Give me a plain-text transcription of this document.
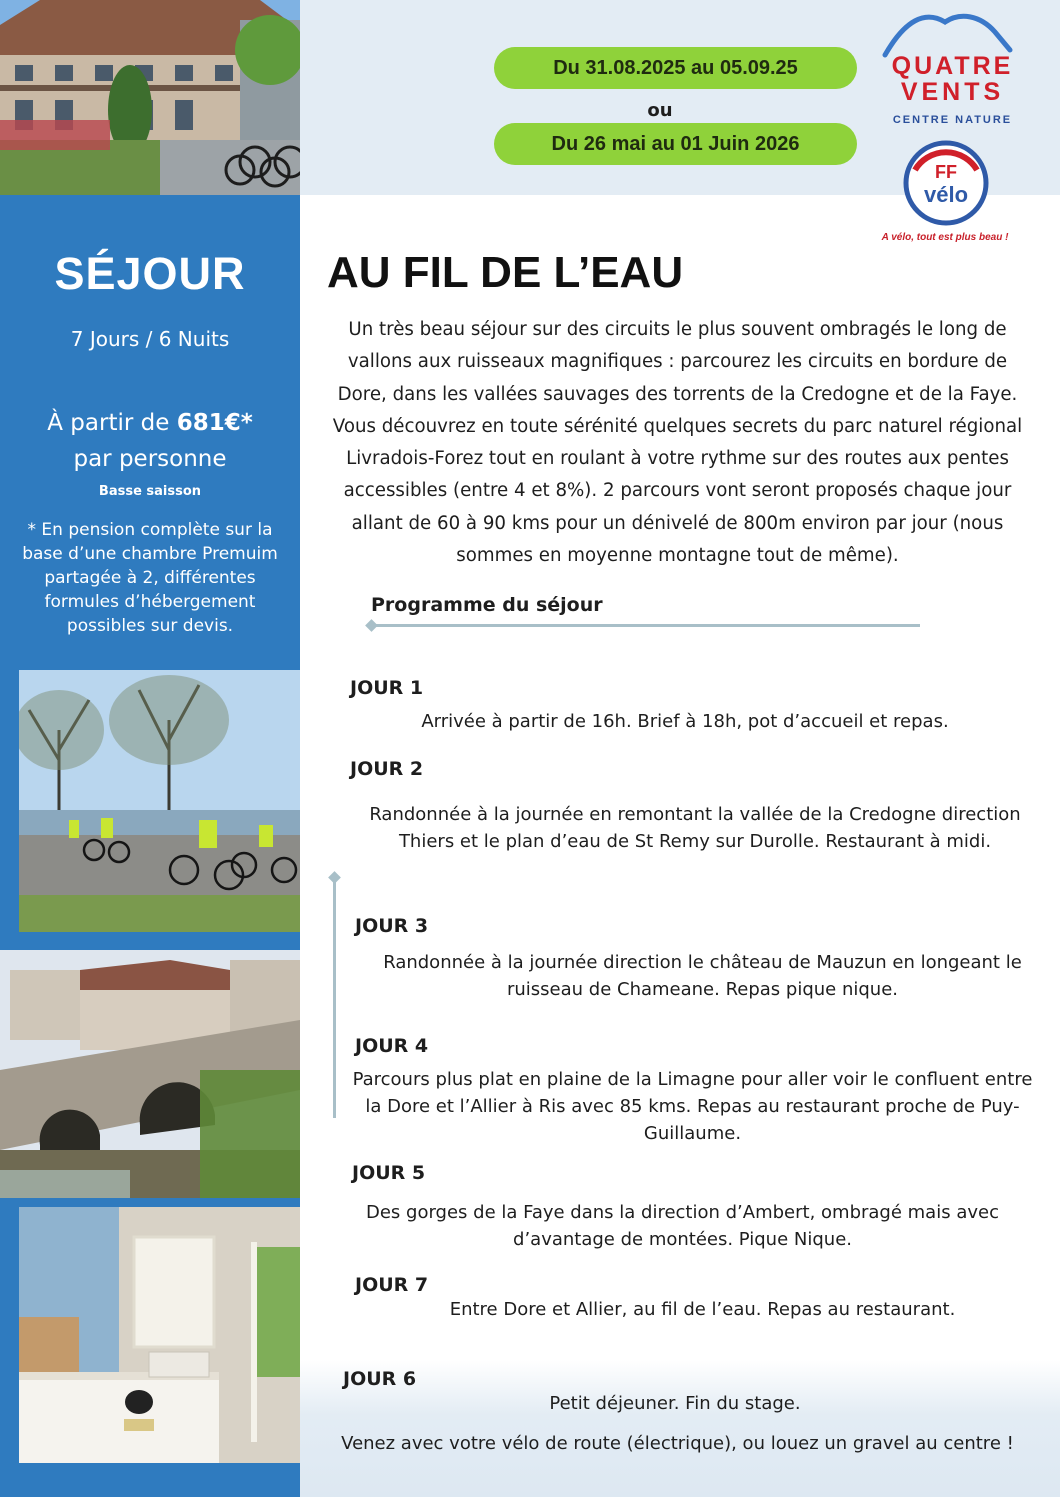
Du 31.08.2025 au 05.09.25
ou
Du 26 mai au 01 Juin 2026
QUATRE
VENTS
CENTRE NATURE
FF
vélo
A vélo, tout est plus beau !
SÉJOUR
7 Jours / 6 Nuits
À partir de 681€*
par personne
Basse saisson
* En pension complète sur la base d’une chambre Premuim partagée à 2, différentes formules d’hébergement possibles sur devis.
AU FIL DE L’EAU
Un très beau séjour sur des circuits le plus souvent ombragés le long de vallons aux ruisseaux magnifiques : parcourez les circuits en bordure de Dore, dans les vallées sauvages des torrents de la Credogne et de la Faye. Vous découvrez en toute sérénité quelques secrets du parc naturel régional Livradois-Forez tout en roulant à votre rythme sur des routes aux pentes accessibles (entre 4 et 8%). 2 parcours vont seront proposés chaque jour allant de 60 à 90 kms pour un dénivelé de 800m environ par jour (nous sommes en moyenne montagne tout de même).
Programme du séjour
JOUR 1
Arrivée à partir de 16h. Brief à 18h, pot d’accueil et repas.
JOUR 2
Randonnée à la journée en remontant la vallée de la Credogne direction Thiers et le plan d’eau de St Remy sur Durolle. Restaurant à midi.
JOUR 3
Randonnée à la journée direction le château de Mauzun en longeant le ruisseau de Chameane. Repas pique nique.
JOUR 4
Parcours plus plat en plaine de la Limagne pour aller voir le confluent entre la Dore et l’Allier à Ris avec 85 kms. Repas au restaurant proche de Puy-Guillaume.
JOUR 5
Des gorges de la Faye dans la direction d’Ambert, ombragé mais avec d’avantage de montées. Pique Nique.
JOUR 7
Entre Dore et Allier, au fil de l’eau. Repas au restaurant.
JOUR 6
Petit déjeuner. Fin du stage.
Venez avec votre vélo de route (électrique), ou louez un gravel au centre !
